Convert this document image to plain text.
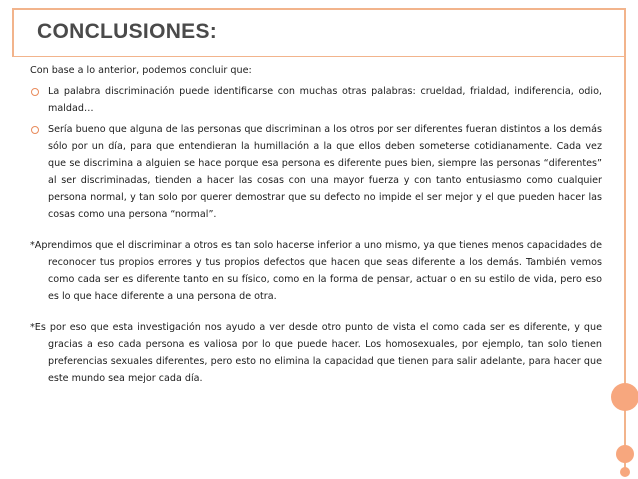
CONCLUSIONES:

Con base a lo anterior, podemos concluir que:

La palabra discriminación puede identificarse con muchas otras palabras: crueldad, frialdad, indiferencia, odio, maldad…
Sería bueno que alguna de las personas que discriminan a los otros por ser diferentes fueran distintos a los demás sólo por un día, para que entendieran la humillación a la que ellos deben someterse cotidianamente. Cada vez que se discrimina a alguien se hace porque esa persona es diferente pues bien, siempre las personas “diferentes” al ser discriminadas, tienden a hacer las cosas con una mayor fuerza y con tanto entusiasmo como cualquier persona normal, y tan solo por querer demostrar que su defecto no impide el ser mejor y el que pueden hacer las cosas como una persona “normal”.

*Aprendimos que el discriminar a otros es tan solo hacerse inferior a uno mismo, ya que tienes menos capacidades de reconocer tus propios errores y tus propios defectos que hacen que seas diferente a los demás. También vemos como cada ser es diferente tanto en su físico, como en la forma de pensar, actuar o en su estilo de vida, pero eso es lo que hace diferente a una persona de otra.

*Es por eso que esta investigación nos ayudo a ver desde otro punto de vista el como cada ser es diferente, y que gracias a eso cada persona es valiosa por lo que puede hacer. Los homosexuales, por ejemplo, tan solo tienen preferencias sexuales diferentes, pero esto no elimina la capacidad que tienen para salir adelante, para hacer que este mundo sea mejor cada día.
